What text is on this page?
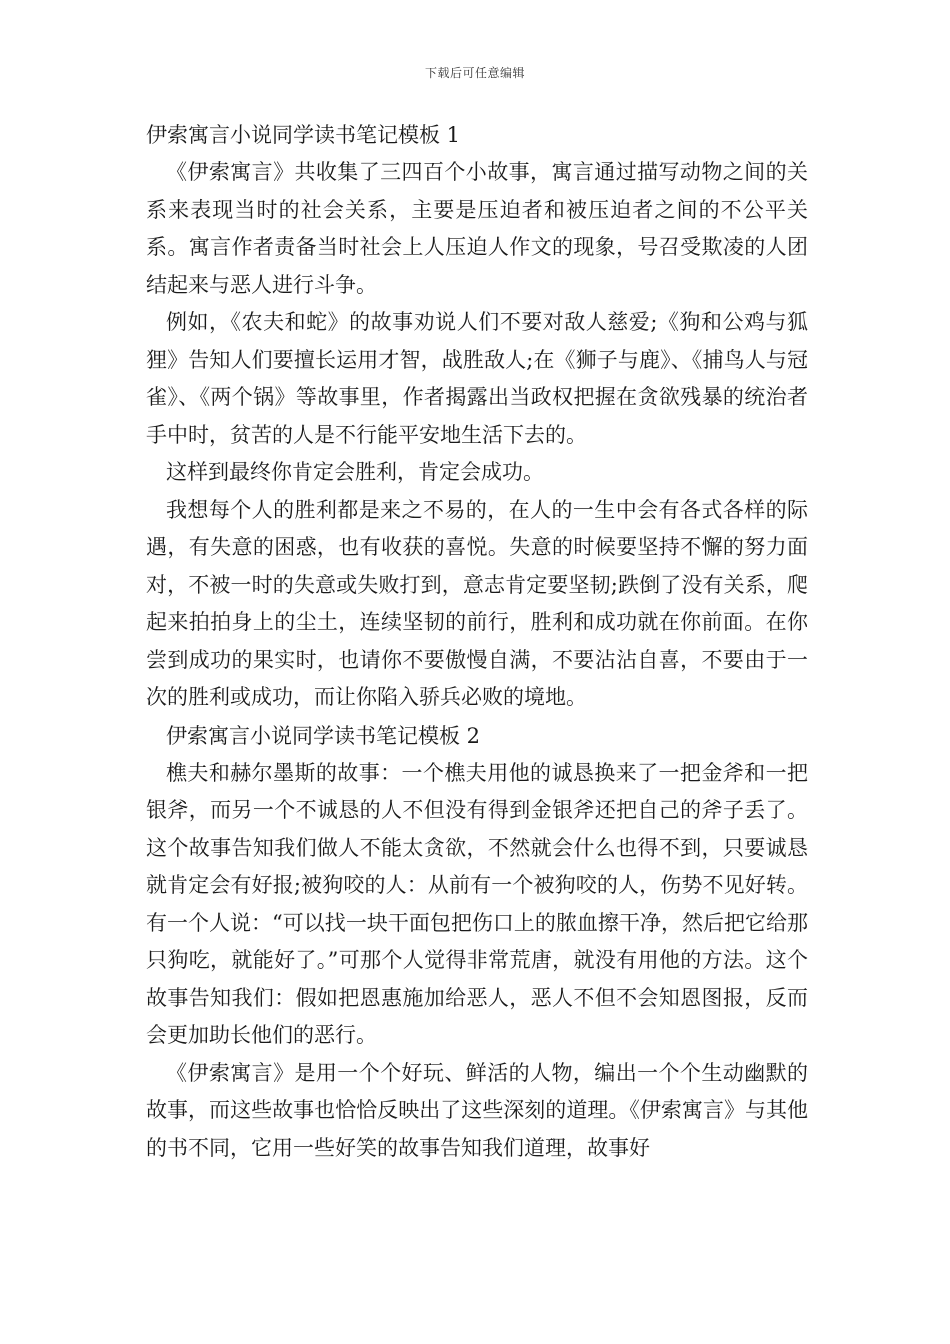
下载后可任意编辑
伊索寓言小说同学读书笔记模板 1

《伊索寓言》共收集了三四百个小故事，寓言通过描写动物之间的关系来表现当时的社会关系，主要是压迫者和被压迫者之间的不公平关系。寓言作者责备当时社会上人压迫人作文的现象，号召受欺凌的人团结起来与恶人进行斗争。

例如，《农夫和蛇》的故事劝说人们不要对敌人慈爱;《狗和公鸡与狐狸》告知人们要擅长运用才智，战胜敌人;在《狮子与鹿》、《捕鸟人与冠雀》、《两个锅》等故事里，作者揭露出当政权把握在贪欲残暴的统治者手中时，贫苦的人是不行能平安地生活下去的。

这样到最终你肯定会胜利，肯定会成功。

我想每个人的胜利都是来之不易的，在人的一生中会有各式各样的际遇，有失意的困惑，也有收获的喜悦。失意的时候要坚持不懈的努力面对，不被一时的失意或失败打到，意志肯定要坚韧;跌倒了没有关系，爬起来拍拍身上的尘土，连续坚韧的前行，胜利和成功就在你前面。在你尝到成功的果实时，也请你不要傲慢自满，不要沾沾自喜，不要由于一次的胜利或成功，而让你陷入骄兵必败的境地。

伊索寓言小说同学读书笔记模板 2

樵夫和赫尔墨斯的故事：一个樵夫用他的诚恳换来了一把金斧和一把银斧，而另一个不诚恳的人不但没有得到金银斧还把自己的斧子丢了。这个故事告知我们做人不能太贪欲，不然就会什么也得不到，只要诚恳就肯定会有好报;被狗咬的人：从前有一个被狗咬的人，伤势不见好转。有一个人说：“可以找一块干面包把伤口上的脓血擦干净，然后把它给那只狗吃，就能好了。”可那个人觉得非常荒唐，就没有用他的方法。这个故事告知我们：假如把恩惠施加给恶人，恶人不但不会知恩图报，反而会更加助长他们的恶行。

《伊索寓言》是用一个个好玩、鲜活的人物，编出一个个生动幽默的故事，而这些故事也恰恰反映出了这些深刻的道理。《伊索寓言》与其他的书不同，它用一些好笑的故事告知我们道理，故事好
